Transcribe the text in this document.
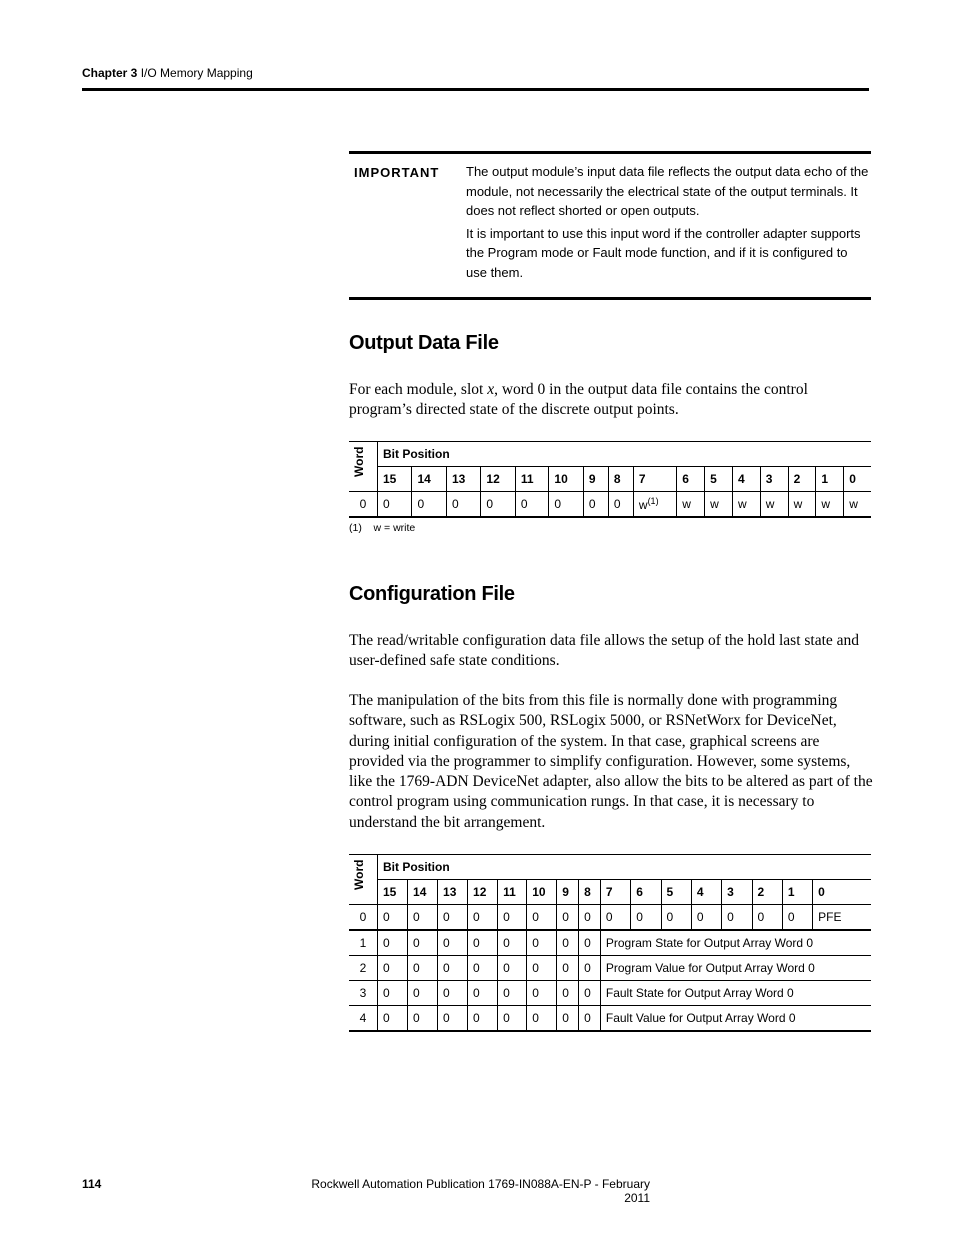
Chapter 3 I/O Memory Mapping
IMPORTANT	The output module’s input data file reflects the output data echo of the module, not necessarily the electrical state of the output terminals. It does not reflect shorted or open outputs.

It is important to use this input word if the controller adapter supports the Program mode or Fault mode function, and if it is configured to use them.

Output Data File

For each module, slot x, word 0 in the output data file contains the control program’s directed state of the discrete output points.

Word	Bit Position															
	15	14	13	12	11	10	9	8	7	6	5	4	3	2	1	0
0	0	0	0	0	0	0	0	0	$w^{(1)}$	w	w	w	w	w	w	w
(1) w = write
Configuration File

The read/writable configuration data file allows the setup of the hold last state and user-defined safe state conditions.

The manipulation of the bits from this file is normally done with programming software, such as RSLogix 500, RSLogix 5000, or RSNetWorx for DeviceNet, during initial configuration of the system. In that case, graphical screens are provided via the programmer to simplify configuration. However, some systems, like the 1769-ADN DeviceNet adapter, also allow the bits to be altered as part of the control program using communication rungs. In that case, it is necessary to understand the bit arrangement.

Word	Bit Position															
	15	14	13	12	11	10	9	8	7	6	5	4	3	2	1	0
0	0	0	0	0	0	0	0	0	0	0	0	0	0	0	0	PFE
1	0	0	0	0	0	0	0	0	Program State for Output Array Word 0							
2	0	0	0	0	0	0	0	0	Program Value for Output Array Word 0							
3	0	0	0	0	0	0	0	0	Fault State for Output Array Word 0							
4	0	0	0	0	0	0	0	0	Fault Value for Output Array Word 0							
114	Rockwell Automation Publication 1769-IN088A-EN-P - February 2011
